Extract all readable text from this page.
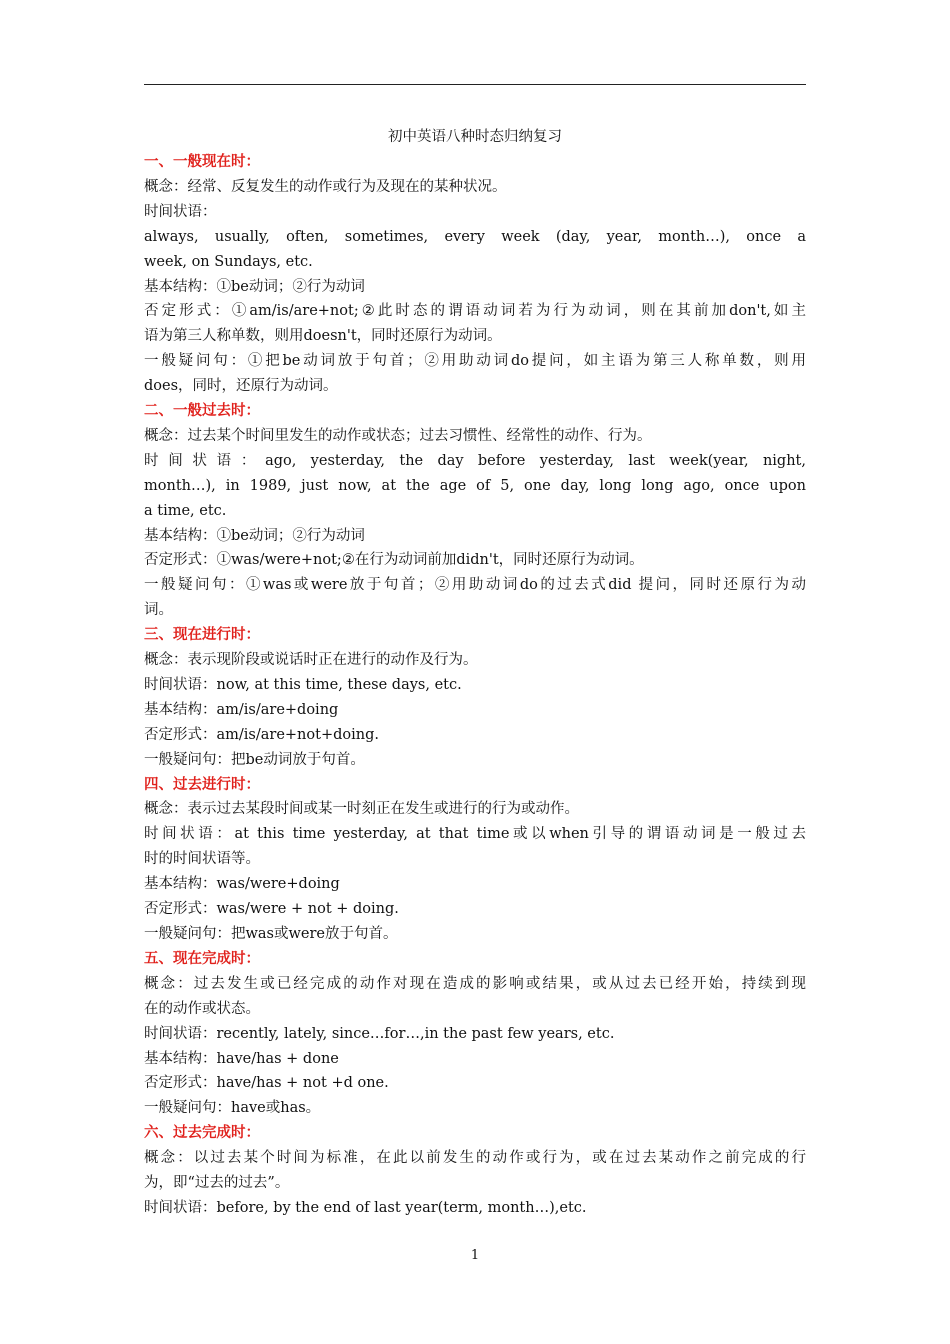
初中英语八种时态归纳复习
一、一般现在时：
概念：经常、反复发生的动作或行为及现在的某种状况。
时间状语：
always, usually, often, sometimes, every week (day, year, month…), once a
week, on Sundays, etc.
基本结构：①be动词；②行为动词
否定形式：①am/is/are+not;②此时态的谓语动词若为行为动词，则在其前加don't,如主
语为第三人称单数，则用doesn't，同时还原行为动词。
一般疑问句：①把be动词放于句首；②用助动词do提问，如主语为第三人称单数，则用
does，同时，还原行为动词。
二、一般过去时：
概念：过去某个时间里发生的动作或状态；过去习惯性、经常性的动作、行为。
时间状语：ago, yesterday, the day before yesterday, last week(year, night,
month…), in 1989, just now, at the age of 5, one day, long long ago, once upon
a time, etc.
基本结构：①be动词；②行为动词
否定形式：①was/were+not;②在行为动词前加didn't，同时还原行为动词。
一般疑问句：①was或were放于句首；②用助动词do的过去式did 提问，同时还原行为动
词。
三、现在进行时：
概念：表示现阶段或说话时正在进行的动作及行为。
时间状语：now, at this time, these days, etc.
基本结构：am/is/are+doing
否定形式：am/is/are+not+doing.
一般疑问句：把be动词放于句首。
四、过去进行时：
概念：表示过去某段时间或某一时刻正在发生或进行的行为或动作。
时间状语：at this time yesterday, at that time或以when引导的谓语动词是一般过去
时的时间状语等。
基本结构：was/were+doing
否定形式：was/were + not + doing.
一般疑问句：把was或were放于句首。
五、现在完成时：
概念：过去发生或已经完成的动作对现在造成的影响或结果，或从过去已经开始，持续到现
在的动作或状态。
时间状语：recently, lately, since…for…,in the past few years, etc.
基本结构：have/has + done
否定形式：have/has + not +d one.
一般疑问句：have或has。
六、过去完成时：
概念：以过去某个时间为标准，在此以前发生的动作或行为，或在过去某动作之前完成的行
为，即“过去的过去”。
时间状语：before, by the end of last year(term, month…),etc.
1
